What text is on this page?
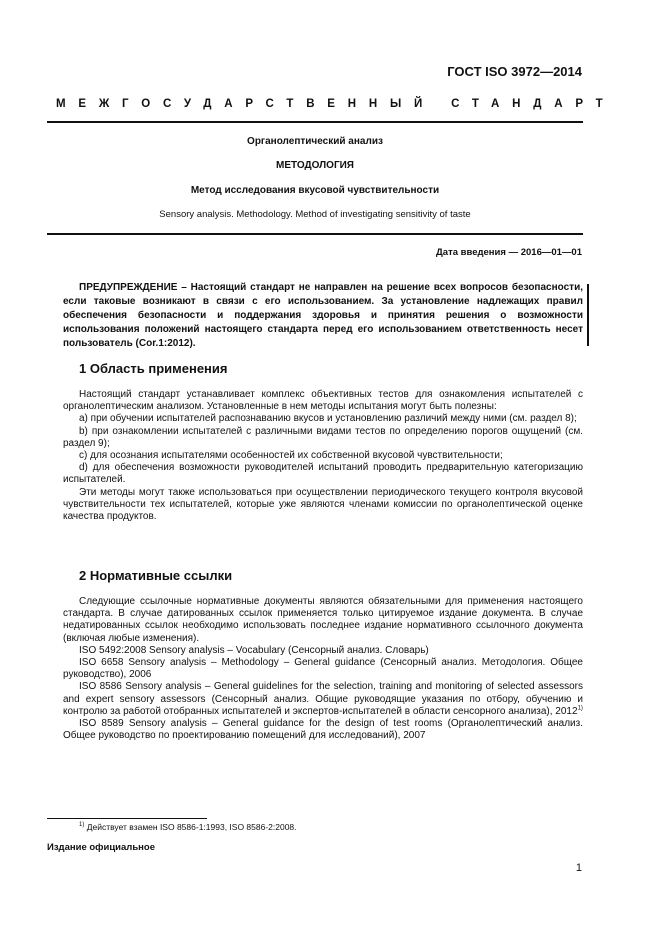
ГОСТ ISO 3972—2014
МЕЖГОСУДАРСТВЕННЫЙ СТАНДАРТ
Органолептический анализ
МЕТОДОЛОГИЯ
Метод исследования вкусовой чувствительности
Sensory analysis. Methodology. Method of investigating sensitivity of taste
Дата введения — 2016—01—01

ПРЕДУПРЕЖДЕНИЕ – Настоящий стандарт не направлен на решение всех вопросов безопасности, если таковые возникают в связи с его использованием. За установление надлежащих правил обеспечения безопасности и поддержания здоровья и принятия решения о возможности использования положений настоящего стандарта перед его использованием ответственность несет пользователь (Cor.1:2012).

1 Область применения

Настоящий стандарт устанавливает комплекс объективных тестов для ознакомления испытателей с органолептическим анализом. Установленные в нем методы испытания могут быть полезны:

а) при обучении испытателей распознаванию вкусов и установлению различий между ними (см. раздел 8);

b) при ознакомлении испытателей с различными видами тестов по определению порогов ощущений (см. раздел 9);

c) для осознания испытателями особенностей их собственной вкусовой чувствительности;

d) для обеспечения возможности руководителей испытаний проводить предварительную категоризацию испытателей.

Эти методы могут также использоваться при осуществлении периодического текущего контроля вкусовой чувствительности тех испытателей, которые уже являются членами комиссии по органолептической оценке качества продуктов.

2 Нормативные ссылки

Следующие ссылочные нормативные документы являются обязательными для применения настоящего стандарта. В случае датированных ссылок применяется только цитируемое издание документа. В случае недатированных ссылок необходимо использовать последнее издание нормативного ссылочного документа (включая любые изменения).

ISO 5492:2008 Sensory analysis – Vocabulary (Сенсорный анализ. Словарь)

ISO 6658 Sensory analysis – Methodology – General guidance (Сенсорный анализ. Методология. Общее руководство), 2006

ISO 8586 Sensory analysis – General guidelines for the selection, training and monitoring of selected assessors and expert sensory assessors (Сенсорный анализ. Общие руководящие указания по отбору, обучению и контролю за работой отобранных испытателей и экспертов-испытателей в области сенсорного анализа), 2012$^{1)}$

ISO 8589 Sensory analysis – General guidance for the design of test rooms (Органолептический анализ. Общее руководство по проектированию помещений для исследований), 2007

$^{1)}$ Действует взамен ISO 8586-1:1993, ISO 8586-2:2008.
Издание официальное
1
